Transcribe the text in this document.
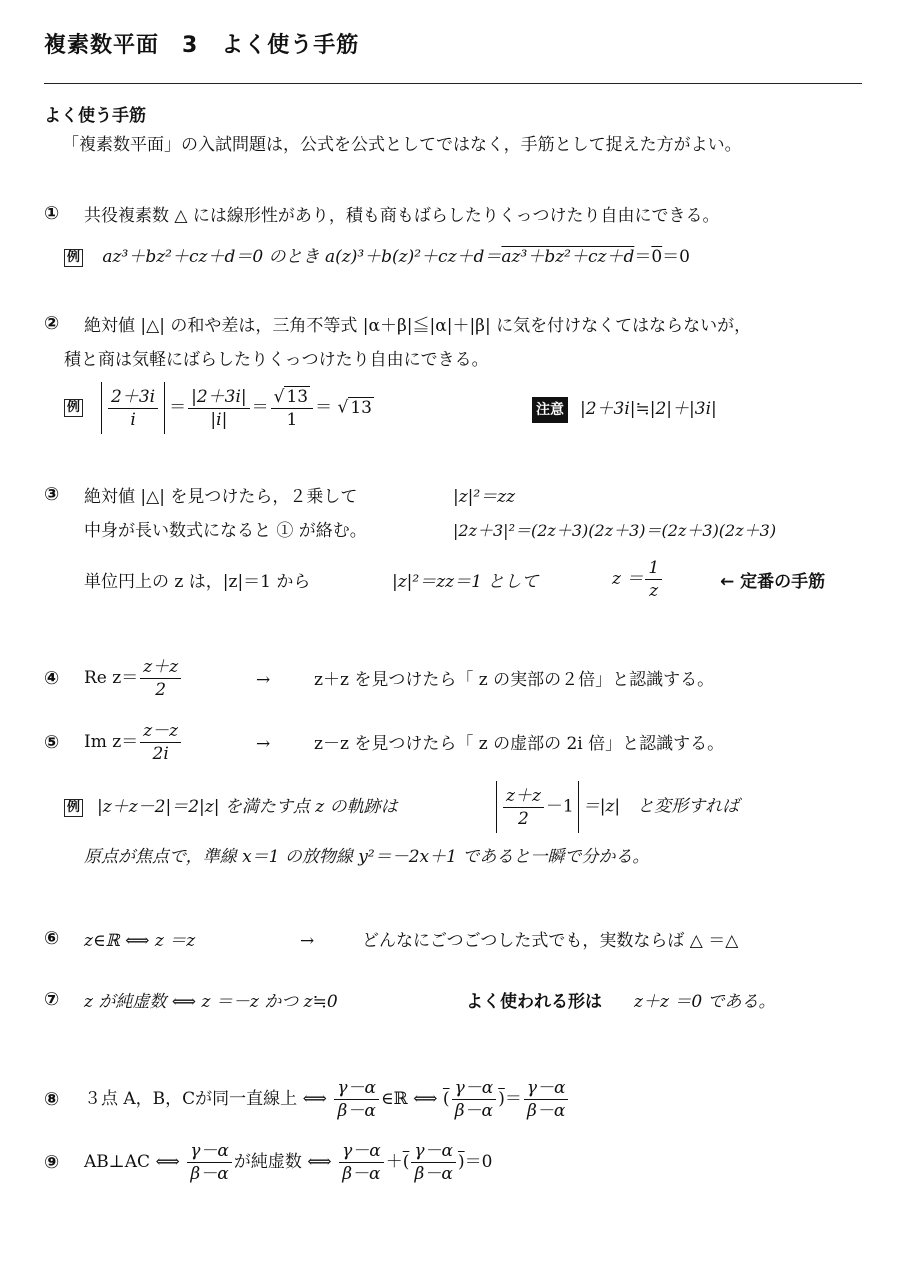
複素数平面　3　よく使う手筋
よく使う手筋
「複素数平面」の入試問題は，公式を公式としてではなく，手筋として捉えた方がよい。
① 共役複素数 △ には線形性があり，積も商もばらしたりくっつけたり自由にできる。
例 az³＋bz²＋cz＋d＝0 のとき a(z)³＋b(z)²＋cz＋d＝az³＋bz²＋cz＋d＝0＝0
② 絶対値 |△| の和や差は，三角不等式 |α＋β|≦|α|＋|β| に気を付けなくてはならないが，
積と商は気軽にばらしたりくっつけたり自由にできる。
例 $\frac{2+3i}{i} = \frac{|2+3i|}{|i|} = \frac{√ 13}{1}$ ＝ √ 13	注意 |2＋3i|≒|2|＋|3i|
③ 絶対値 |△| を見つけたら，２乗して	|z|²＝zz
中身が長い数式になると ① が絡む。	|2z＋3|²＝(2z＋3)(2z＋3)＝(2z＋3)(2z＋3)
単位円上の z は，|z|＝1 から	|z|²＝zz＝1 として	$z = \frac{1}{z}$	← 定番の手筋
④ Re $z= \frac{z+z}{2}$	→	z＋z を見つけたら「 z の実部の２倍」と認識する。
⑤ Im $z= \frac{z-z}{2i}$	→	z－z を見つけたら「 z の虚部の 2i 倍」と認識する。
例 |z＋z－2|＝2|z| を満たす点 z の軌跡は	$\frac{z+z}{2} -1 =|z|$　と変形すれば
原点が焦点で，準線 x＝1 の放物線 y²＝－2x＋1 であると一瞬で分かる。
⑥ z∈ℝ ⟺ z ＝z	→	どんなにごつごつした式でも，実数ならば △ ＝△
⑦ z が純虚数 ⟺ z ＝－z かつ z≒0	よく使われる形は z＋z ＝0 である。
⑧ ３点 A，B，Cが同一直線上 ⟺ $\frac{\gamma-\alpha}{\beta-\alpha}$ ∈ℝ ⟺ ( $\frac{\gamma-\alpha}{\beta-\alpha}$ )＝ $\frac{\gamma-\alpha}{\beta-\alpha}$
⑨ AB⊥AC ⟺ $\frac{\gamma-\alpha}{\beta-\alpha}$ が純虚数 ⟺ $\frac{\gamma-\alpha}{\beta-\alpha}$ ＋( $\frac{\gamma-\alpha}{\beta-\alpha} )=0$
